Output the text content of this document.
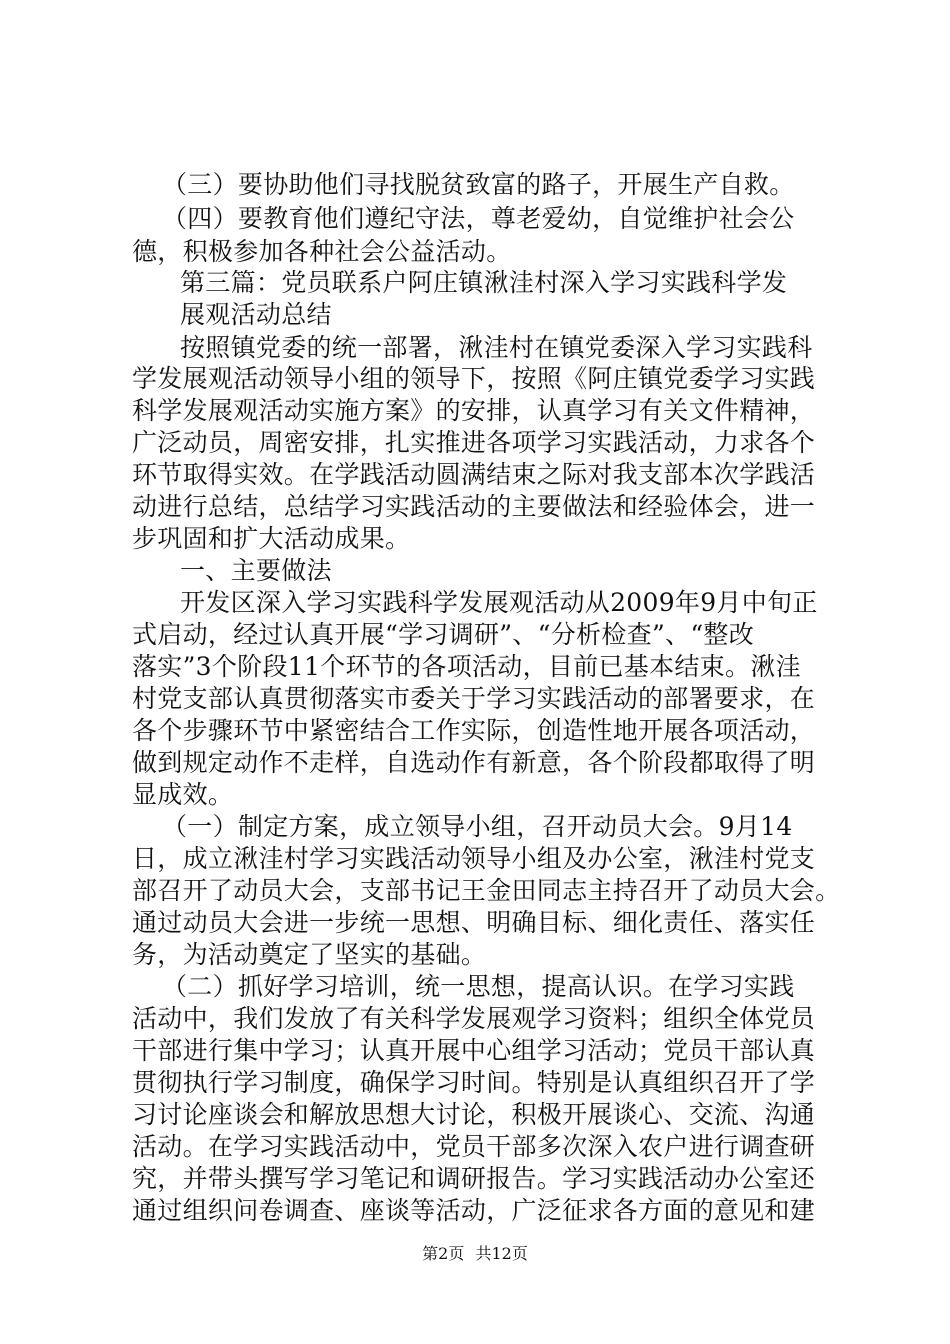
（三）要协助他们寻找脱贫致富的路子，开展生产自救。
（四）要教育他们遵纪守法，尊老爱幼，自觉维护社会公
德，积极参加各种社会公益活动。
第三篇：党员联系户阿庄镇湫洼村深入学习实践科学发
展观活动总结
按照镇党委的统一部署，湫洼村在镇党委深入学习实践科
学发展观活动领导小组的领导下，按照《阿庄镇党委学习实践
科学发展观活动实施方案》的安排，认真学习有关文件精神，
广泛动员，周密安排，扎实推进各项学习实践活动，力求各个
环节取得实效。在学践活动圆满结束之际对我支部本次学践活
动进行总结，总结学习实践活动的主要做法和经验体会，进一
步巩固和扩大活动成果。
一、主要做法
开发区深入学习实践科学发展观活动从2009年9月中旬正
式启动，经过认真开展“学习调研”、“分析检查”、“整改
落实”3个阶段11个环节的各项活动，目前已基本结束。湫洼
村党支部认真贯彻落实市委关于学习实践活动的部署要求，在
各个步骤环节中紧密结合工作实际，创造性地开展各项活动，
做到规定动作不走样，自选动作有新意，各个阶段都取得了明
显成效。
（一）制定方案，成立领导小组，召开动员大会。9月14
日，成立湫洼村学习实践活动领导小组及办公室，湫洼村党支
部召开了动员大会，支部书记王金田同志主持召开了动员大会。
通过动员大会进一步统一思想、明确目标、细化责任、落实任
务，为活动奠定了坚实的基础。
（二）抓好学习培训，统一思想，提高认识。在学习实践
活动中，我们发放了有关科学发展观学习资料；组织全体党员
干部进行集中学习；认真开展中心组学习活动；党员干部认真
贯彻执行学习制度，确保学习时间。特别是认真组织召开了学
习讨论座谈会和解放思想大讨论，积极开展谈心、交流、沟通
活动。在学习实践活动中，党员干部多次深入农户进行调查研
究，并带头撰写学习笔记和调研报告。学习实践活动办公室还
通过组织问卷调查、座谈等活动，广泛征求各方面的意见和建
第2页 共12页
